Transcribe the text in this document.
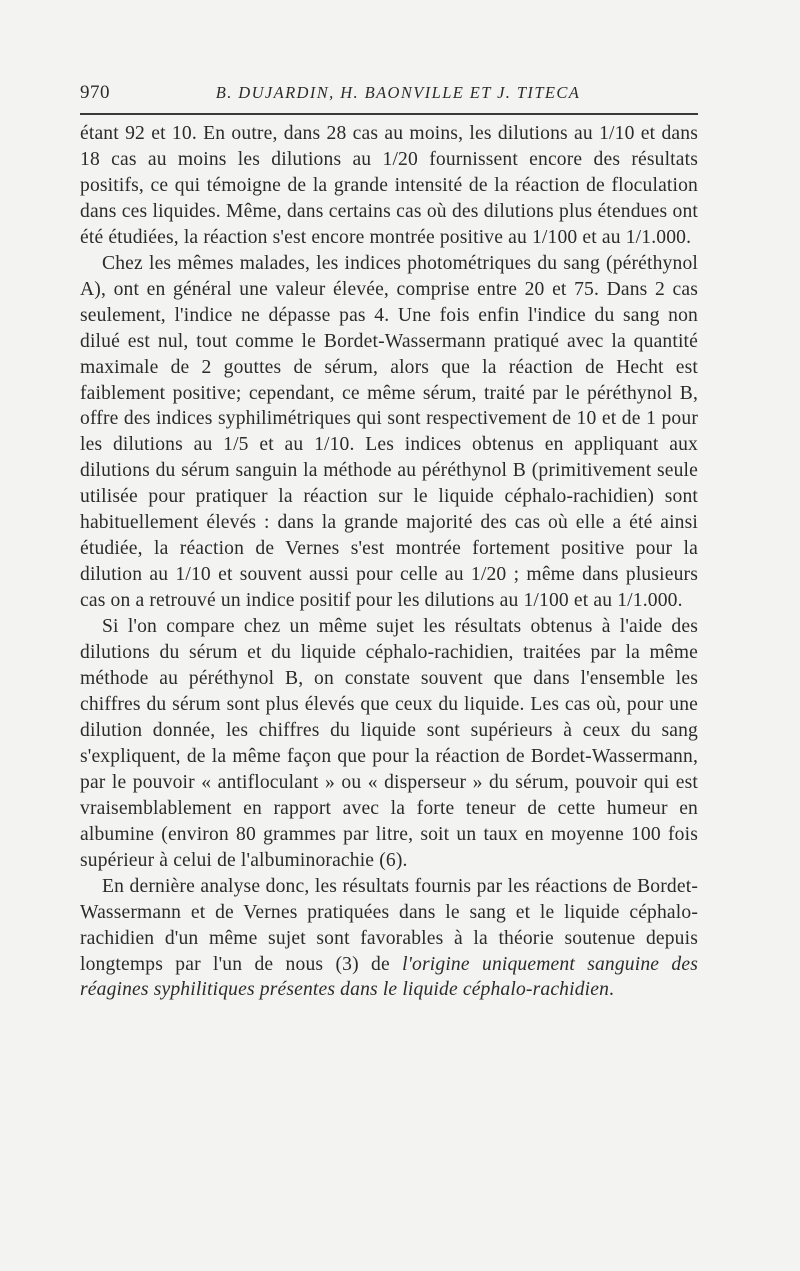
970	B. DUJARDIN, H. BAONVILLE ET J. TITECA

étant 92 et 10. En outre, dans 28 cas au moins, les dilutions au 1/10 et dans 18 cas au moins les dilutions au 1/20 fournissent encore des résultats positifs, ce qui témoigne de la grande intensité de la réaction de floculation dans ces liquides. Même, dans certains cas où des dilutions plus étendues ont été étudiées, la réaction s'est encore montrée positive au 1/100 et au 1/1.000.

Chez les mêmes malades, les indices photométriques du sang (péréthynol A), ont en général une valeur élevée, comprise entre 20 et 75. Dans 2 cas seulement, l'indice ne dépasse pas 4. Une fois enfin l'indice du sang non dilué est nul, tout comme le Bordet-Wassermann pratiqué avec la quantité maximale de 2 gouttes de sérum, alors que la réaction de Hecht est faiblement positive; cependant, ce même sérum, traité par le péréthynol B, offre des indices syphilimétriques qui sont respectivement de 10 et de 1 pour les dilutions au 1/5 et au 1/10. Les indices obtenus en appliquant aux dilutions du sérum sanguin la méthode au péréthynol B (primitivement seule utilisée pour pratiquer la réaction sur le liquide céphalo-rachidien) sont habituellement élevés : dans la grande majorité des cas où elle a été ainsi étudiée, la réaction de Vernes s'est montrée fortement positive pour la dilution au 1/10 et souvent aussi pour celle au 1/20 ; même dans plusieurs cas on a retrouvé un indice positif pour les dilutions au 1/100 et au 1/1.000.

Si l'on compare chez un même sujet les résultats obtenus à l'aide des dilutions du sérum et du liquide céphalo-rachidien, traitées par la même méthode au péréthynol B, on constate souvent que dans l'ensemble les chiffres du sérum sont plus élevés que ceux du liquide. Les cas où, pour une dilution donnée, les chiffres du liquide sont supérieurs à ceux du sang s'expliquent, de la même façon que pour la réaction de Bordet-Wassermann, par le pouvoir « antifloculant » ou « disperseur » du sérum, pouvoir qui est vraisemblablement en rapport avec la forte teneur de cette humeur en albumine (environ 80 grammes par litre, soit un taux en moyenne 100 fois supérieur à celui de l'albuminorachie (6).

En dernière analyse donc, les résultats fournis par les réactions de Bordet-Wassermann et de Vernes pratiquées dans le sang et le liquide céphalo-rachidien d'un même sujet sont favorables à la théorie soutenue depuis longtemps par l'un de nous (3) de l'origine uniquement sanguine des réagines syphilitiques présentes dans le liquide céphalo-rachidien.
